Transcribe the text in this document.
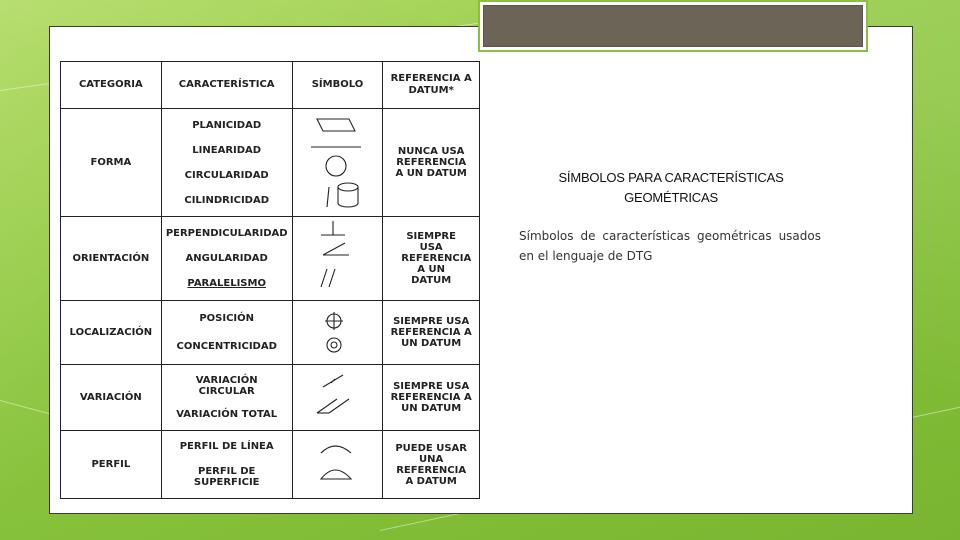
CATEGORIA	CARACTERÍSTICA	SÍMBOLO	REFERENCIA A DATUM*

FORMA	PLANICIDAD
LINEARIDAD
CIRCULARIDAD
CILINDRICIDAD		NUNCA USA REFERENCIA A UN DATUM

ORIENTACIÓN	PERPENDICULARIDAD
ANGULARIDAD
PARALELISMO		SIEMPRE USA REFERENCIA A UN DATUM

LOCALIZACIÓN	POSICIÓN
CONCENTRICIDAD		SIEMPRE USA REFERENCIA A UN DATUM

VARIACIÓN	VARIACIÓN CIRCULAR
VARIACIÓN TOTAL		SIEMPRE USA REFERENCIA A UN DATUM

PERFIL	PERFIL DE LÍNEA
PERFIL DE SUPERFICIE		PUEDE USAR UNA REFERENCIA A DATUM
SÍMBOLOS PARA CARACTERÍSTICAS GEOMÉTRICAS
Símbolos de características geométricas usados en el lenguaje de DTG
